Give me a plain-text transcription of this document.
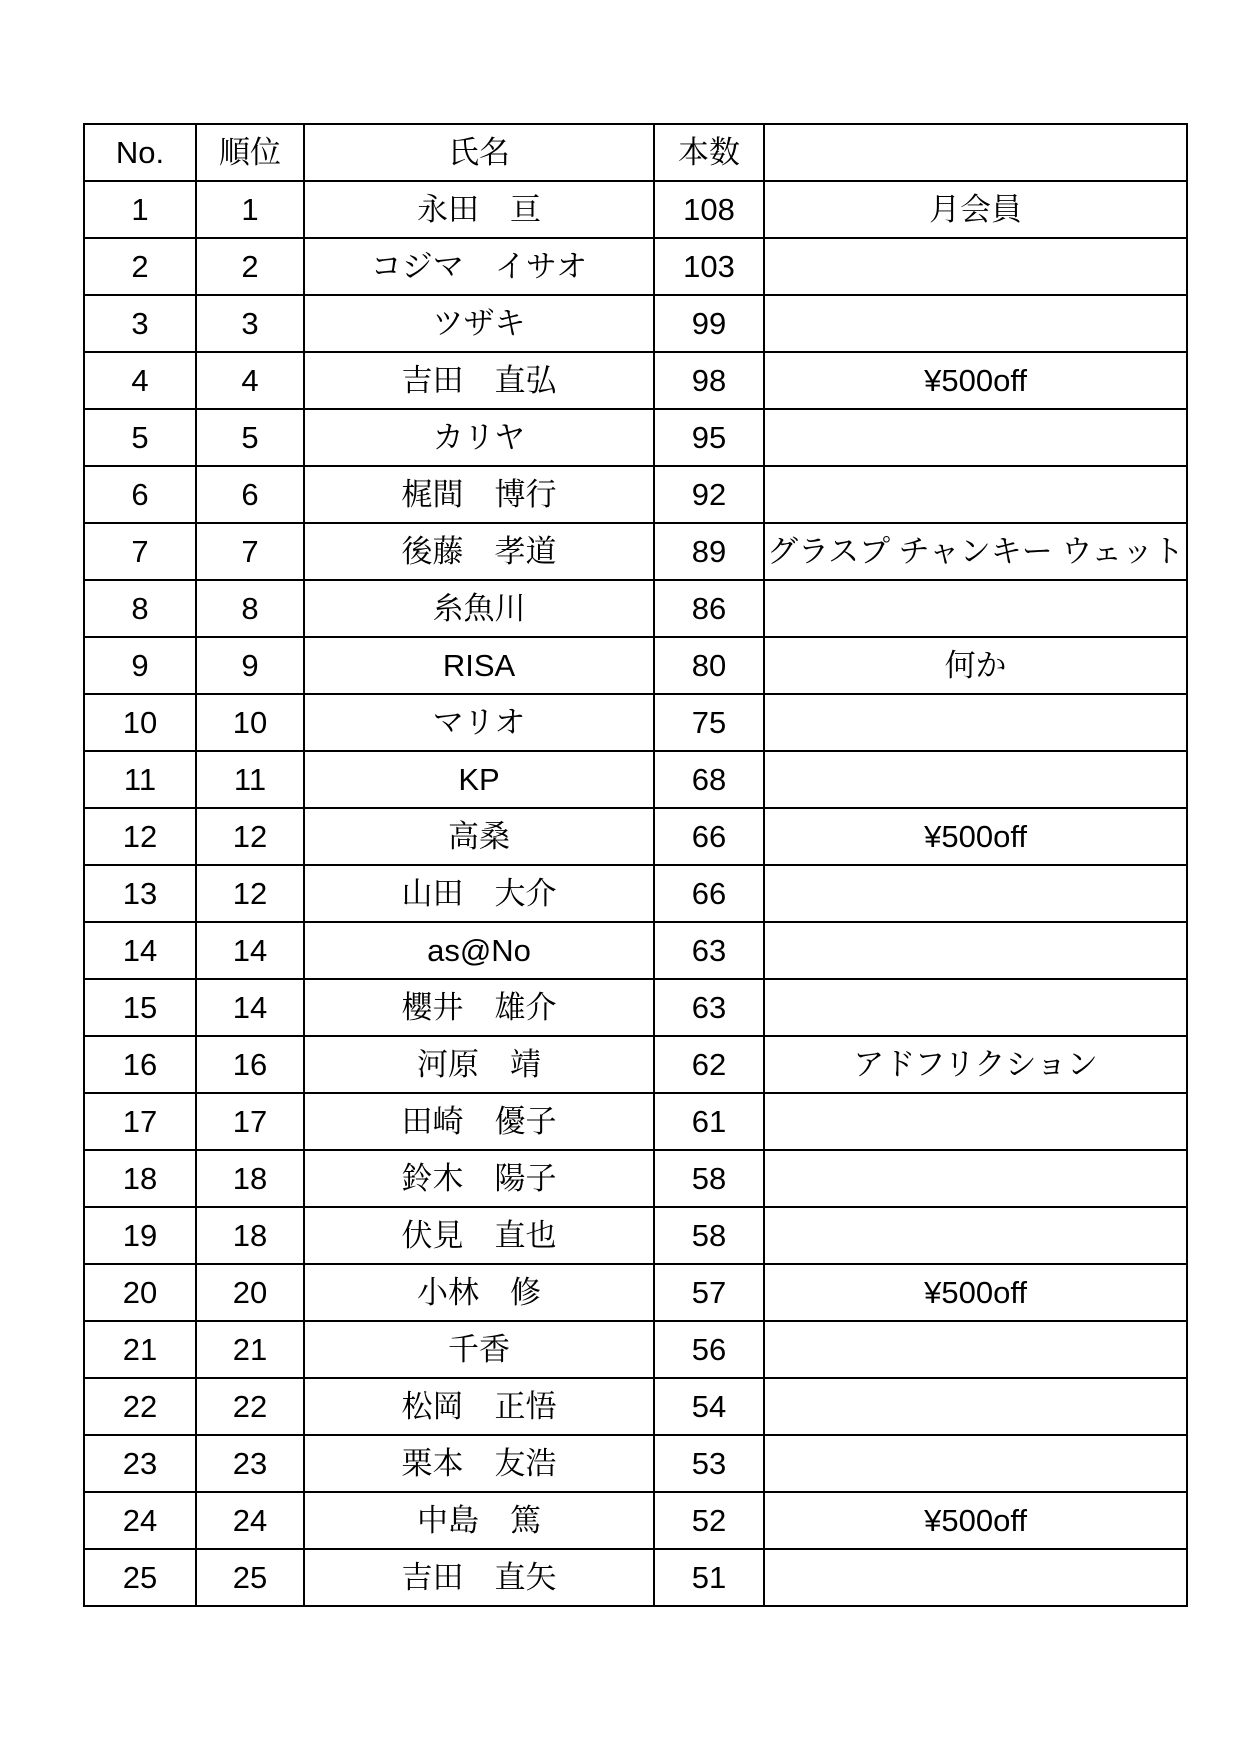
No.	順位	氏名	本数	
1	1	永田　亘	108	月会員
2	2	コジマ　イサオ	103	
3	3	ツザキ	99	
4	4	吉田　直弘	98	¥500off
5	5	カリヤ	95	
6	6	梶間　博行	92	
7	7	後藤　孝道	89	グラスプ チャンキー ウェット
8	8	糸魚川	86	
9	9	RISA	80	何か
10	10	マリオ	75	
11	11	KP	68	
12	12	高桑	66	¥500off
13	12	山田　大介	66	
14	14	as@No	63	
15	14	櫻井　雄介	63	
16	16	河原　靖	62	アドフリクション
17	17	田崎　優子	61	
18	18	鈴木　陽子	58	
19	18	伏見　直也	58	
20	20	小林　修	57	¥500off
21	21	千香	56	
22	22	松岡　正悟	54	
23	23	栗本　友浩	53	
24	24	中島　篤	52	¥500off
25	25	吉田　直矢	51	
